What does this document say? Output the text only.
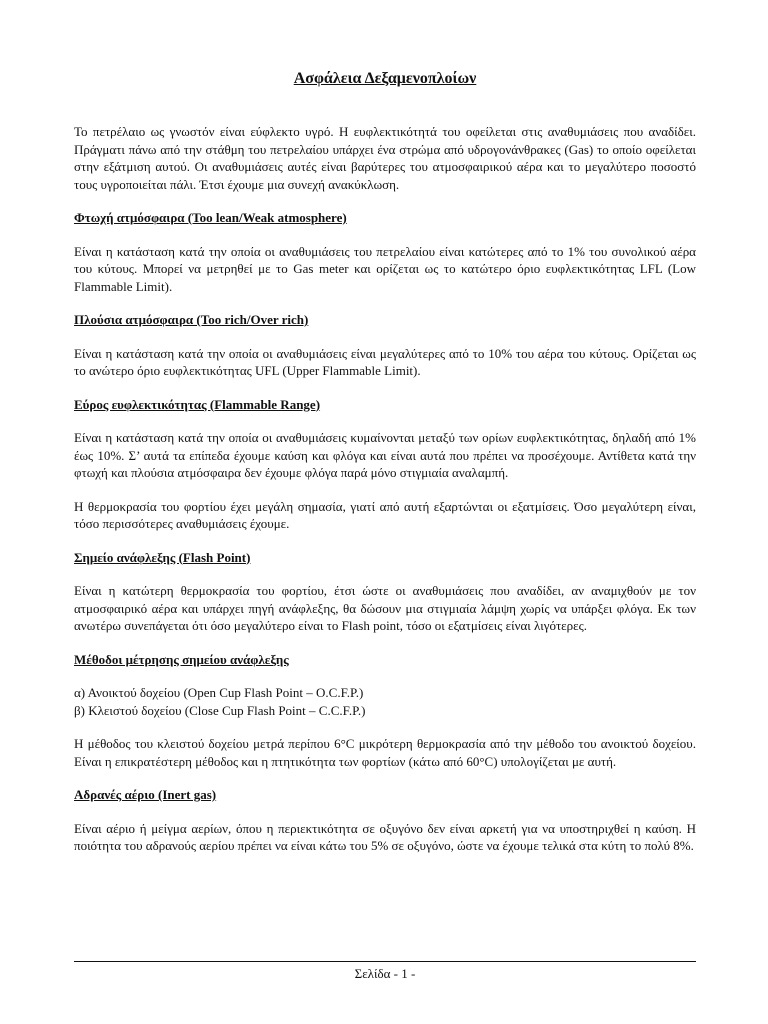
Ασφάλεια Δεξαμενοπλοίων

Το πετρέλαιο ως γνωστόν είναι εύφλεκτο υγρό. Η ευφλεκτικότητά του οφείλεται στις αναθυμιάσεις που αναδίδει. Πράγματι πάνω από την στάθμη του πετρελαίου υπάρχει ένα στρώμα από υδρογονάνθρακες (Gas) το οποίο οφείλεται στην εξάτμιση αυτού. Οι αναθυμιάσεις αυτές είναι βαρύτερες του ατμοσφαιρικού αέρα και το μεγαλύτερο ποσοστό τους υγροποιείται πάλι. Έτσι έχουμε μια συνεχή ανακύκλωση.

Φτωχή ατμόσφαιρα (Too lean/Weak atmosphere)

Είναι η κατάσταση κατά την οποία οι αναθυμιάσεις του πετρελαίου είναι κατώτερες από το 1% του συνολικού αέρα του κύτους. Μπορεί να μετρηθεί με το Gas meter και ορίζεται ως το κατώτερο όριο ευφλεκτικότητας LFL (Low Flammable Limit).

Πλούσια ατμόσφαιρα (Too rich/Over rich)

Είναι η κατάσταση κατά την οποία οι αναθυμιάσεις είναι μεγαλύτερες από το 10% του αέρα του κύτους. Ορίζεται ως το ανώτερο όριο ευφλεκτικότητας UFL (Upper Flammable Limit).

Εύρος ευφλεκτικότητας (Flammable Range)

Είναι η κατάσταση κατά την οποία οι αναθυμιάσεις κυμαίνονται μεταξύ των ορίων ευφλεκτικότητας, δηλαδή από 1% έως 10%. Σ’ αυτά τα επίπεδα έχουμε καύση και φλόγα και είναι αυτά που πρέπει να προσέχουμε. Αντίθετα κατά την φτωχή και πλούσια ατμόσφαιρα δεν έχουμε φλόγα παρά μόνο στιγμιαία αναλαμπή.

Η θερμοκρασία του φορτίου έχει μεγάλη σημασία, γιατί από αυτή εξαρτώνται οι εξατμίσεις. Όσο μεγαλύτερη είναι, τόσο περισσότερες αναθυμιάσεις έχουμε.

Σημείο ανάφλεξης (Flash Point)

Είναι η κατώτερη θερμοκρασία του φορτίου, έτσι ώστε οι αναθυμιάσεις που αναδίδει, αν αναμιχθούν με τον ατμοσφαιρικό αέρα και υπάρχει πηγή ανάφλεξης, θα δώσουν μια στιγμιαία λάμψη χωρίς να υπάρξει φλόγα. Εκ των ανωτέρω συνεπάγεται ότι όσο μεγαλύτερο είναι το Flash point, τόσο οι εξατμίσεις είναι λιγότερες.

Μέθοδοι μέτρησης σημείου ανάφλεξης

α) Ανοικτού δοχείου (Open Cup Flash Point – O.C.F.P.)

β) Κλειστού δοχείου (Close Cup Flash Point – C.C.F.P.)

Η μέθοδος του κλειστού δοχείου μετρά περίπου 6°C μικρότερη θερμοκρασία από την μέθοδο του ανοικτού δοχείου. Είναι η επικρατέστερη μέθοδος και η πτητικότητα των φορτίων (κάτω από 60°C) υπολογίζεται με αυτή.

Αδρανές αέριο (Inert gas)

Είναι αέριο ή μείγμα αερίων, όπου η περιεκτικότητα σε οξυγόνο δεν είναι αρκετή για να υποστηριχθεί η καύση. Η ποιότητα του αδρανούς αερίου πρέπει να είναι κάτω του 5% σε οξυγόνο, ώστε να έχουμε τελικά στα κύτη το πολύ 8%.

Σελίδα - 1 -
